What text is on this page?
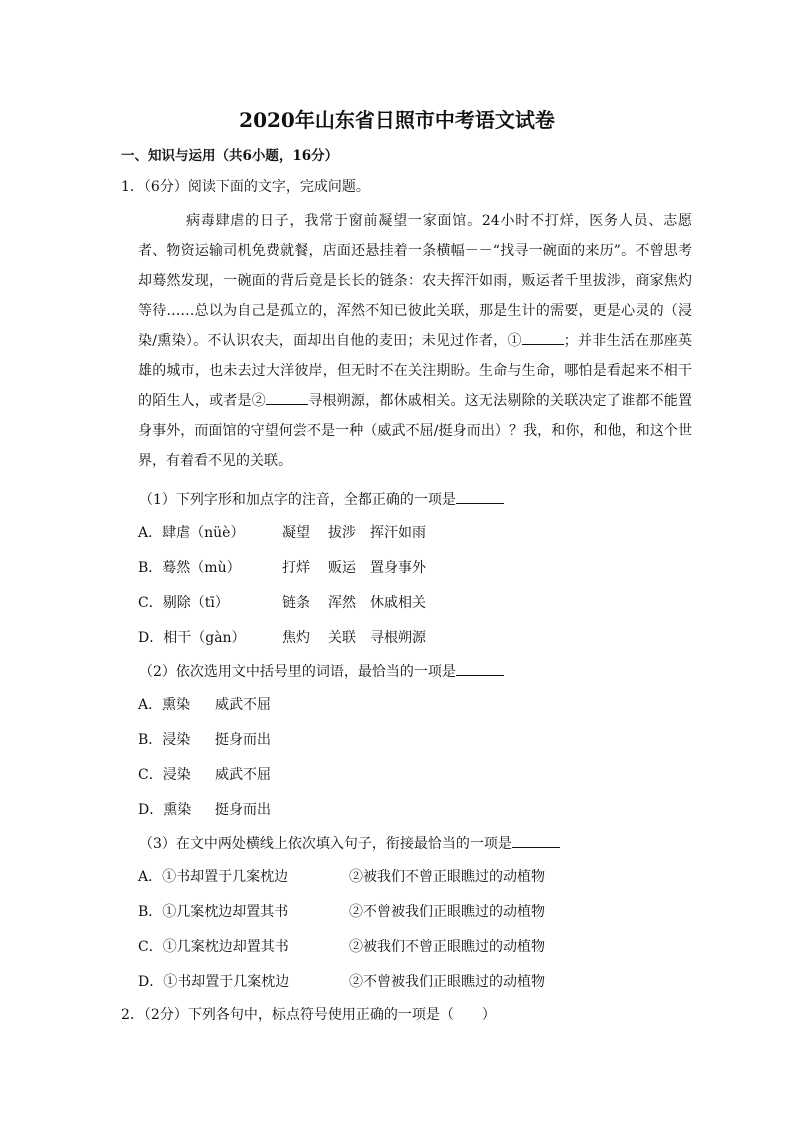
2020年山东省日照市中考语文试卷
一、知识与运用（共6小题，16分）
1．（6分）阅读下面的文字，完成问题。
病毒肆虐的日子，我常于窗前凝望一家面馆。24小时不打烊，医务人员、志愿者、物资运输司机免费就餐，店面还悬挂着一条横幅－－“找寻一碗面的来历”。不曾思考却蓦然发现，一碗面的背后竟是长长的链条：农夫挥汗如雨，贩运者千里拔涉，商家焦灼等待……总以为自己是孤立的，浑然不知已彼此关联，那是生计的需要，更是心灵的（浸染/熏染）。不认识农夫，面却出自他的麦田；未见过作者，①	；并非生活在那座英雄的城市，也未去过大洋彼岸，但无时不在关注期盼。生命与生命，哪怕是看起来不相干的陌生人，或者是②	寻根朔源，都休戚相关。这无法剔除的关联决定了谁都不能置身事外，而面馆的守望何尝不是一种（威武不屈/挺身而出）？我，和你，和他，和这个世界，有着看不见的关联。
（1）下列字形和加点字的注音，全都正确的一项是
A．肆虐（nüè）	凝望 拔涉 挥汗如雨
B．蓦然（mù）	打烊 贩运 置身事外
C．剔除（tī）	链条 浑然 休戚相关
D．相干（gàn）	焦灼 关联 寻根朔源
（2）依次选用文中括号里的词语，最恰当的一项是
A．熏染 威武不屈
B．浸染 挺身而出
C．浸染 威武不屈
D．熏染 挺身而出
（3）在文中两处横线上依次填入句子，衔接最恰当的一项是
A．①书却置于几案枕边	②被我们不曾正眼瞧过的动植物
B．①几案枕边却置其书	②不曾被我们正眼瞧过的动植物
C．①几案枕边却置其书	②被我们不曾正眼瞧过的动植物
D．①书却置于几案枕边	②不曾被我们正眼瞧过的动植物
2．（2分）下列各句中，标点符号使用正确的一项是（　　）
